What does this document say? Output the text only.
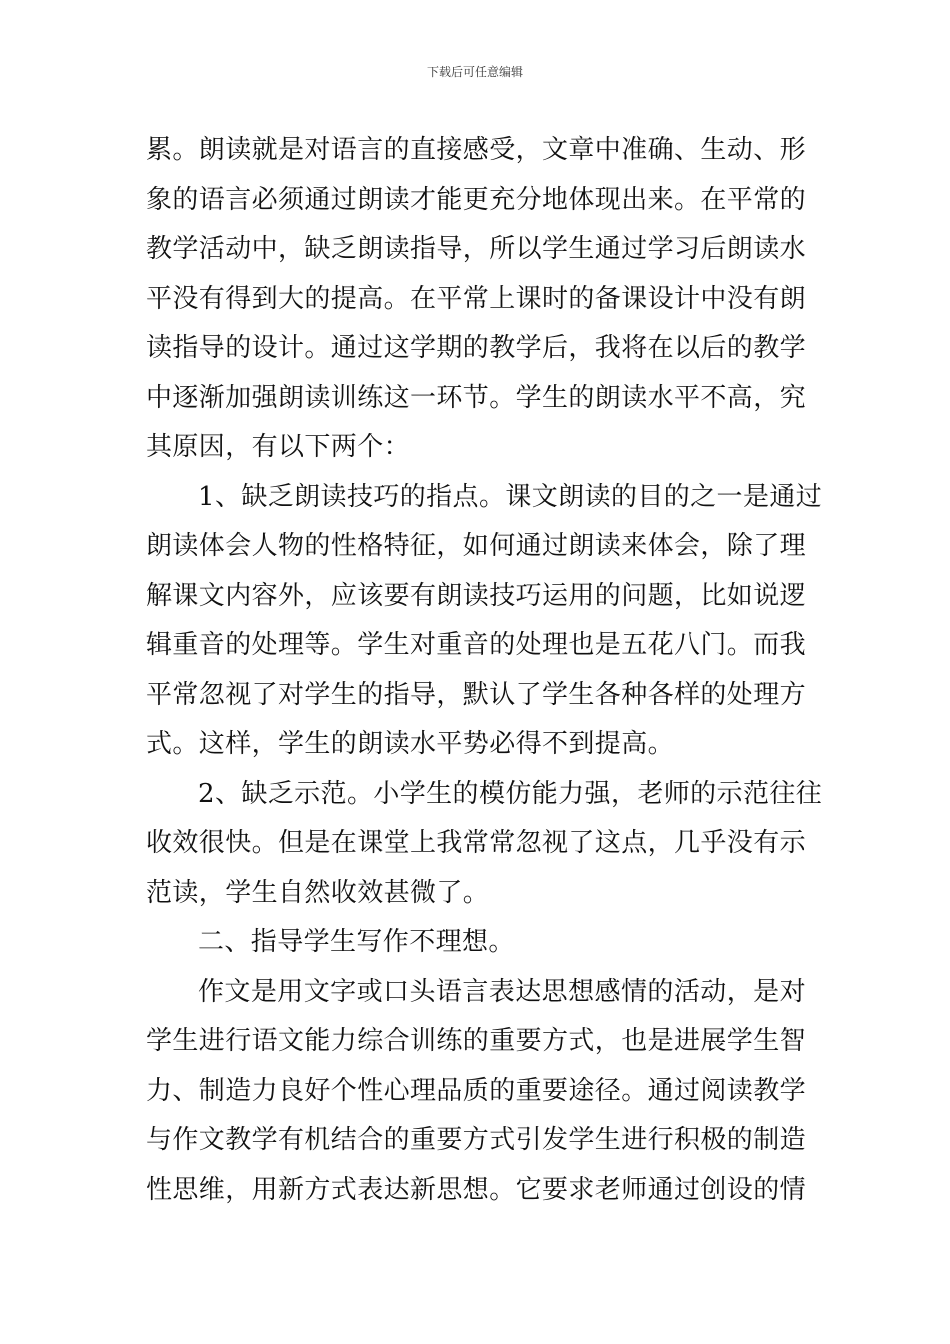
下载后可任意编辑
累。朗读就是对语言的直接感受，文章中准确、生动、形
象的语言必须通过朗读才能更充分地体现出来。在平常的
教学活动中，缺乏朗读指导，所以学生通过学习后朗读水
平没有得到大的提高。在平常上课时的备课设计中没有朗
读指导的设计。通过这学期的教学后，我将在以后的教学
中逐渐加强朗读训练这一环节。学生的朗读水平不高，究
其原因，有以下两个：
1、缺乏朗读技巧的指点。课文朗读的目的之一是通过
朗读体会人物的性格特征，如何通过朗读来体会，除了理
解课文内容外，应该要有朗读技巧运用的问题，比如说逻
辑重音的处理等。学生对重音的处理也是五花八门。而我
平常忽视了对学生的指导，默认了学生各种各样的处理方
式。这样，学生的朗读水平势必得不到提高。
2、缺乏示范。小学生的模仿能力强，老师的示范往往
收效很快。但是在课堂上我常常忽视了这点，几乎没有示
范读，学生自然收效甚微了。
二、指导学生写作不理想。
作文是用文字或口头语言表达思想感情的活动，是对
学生进行语文能力综合训练的重要方式，也是进展学生智
力、制造力良好个性心理品质的重要途径。通过阅读教学
与作文教学有机结合的重要方式引发学生进行积极的制造
性思维，用新方式表达新思想。它要求老师通过创设的情
